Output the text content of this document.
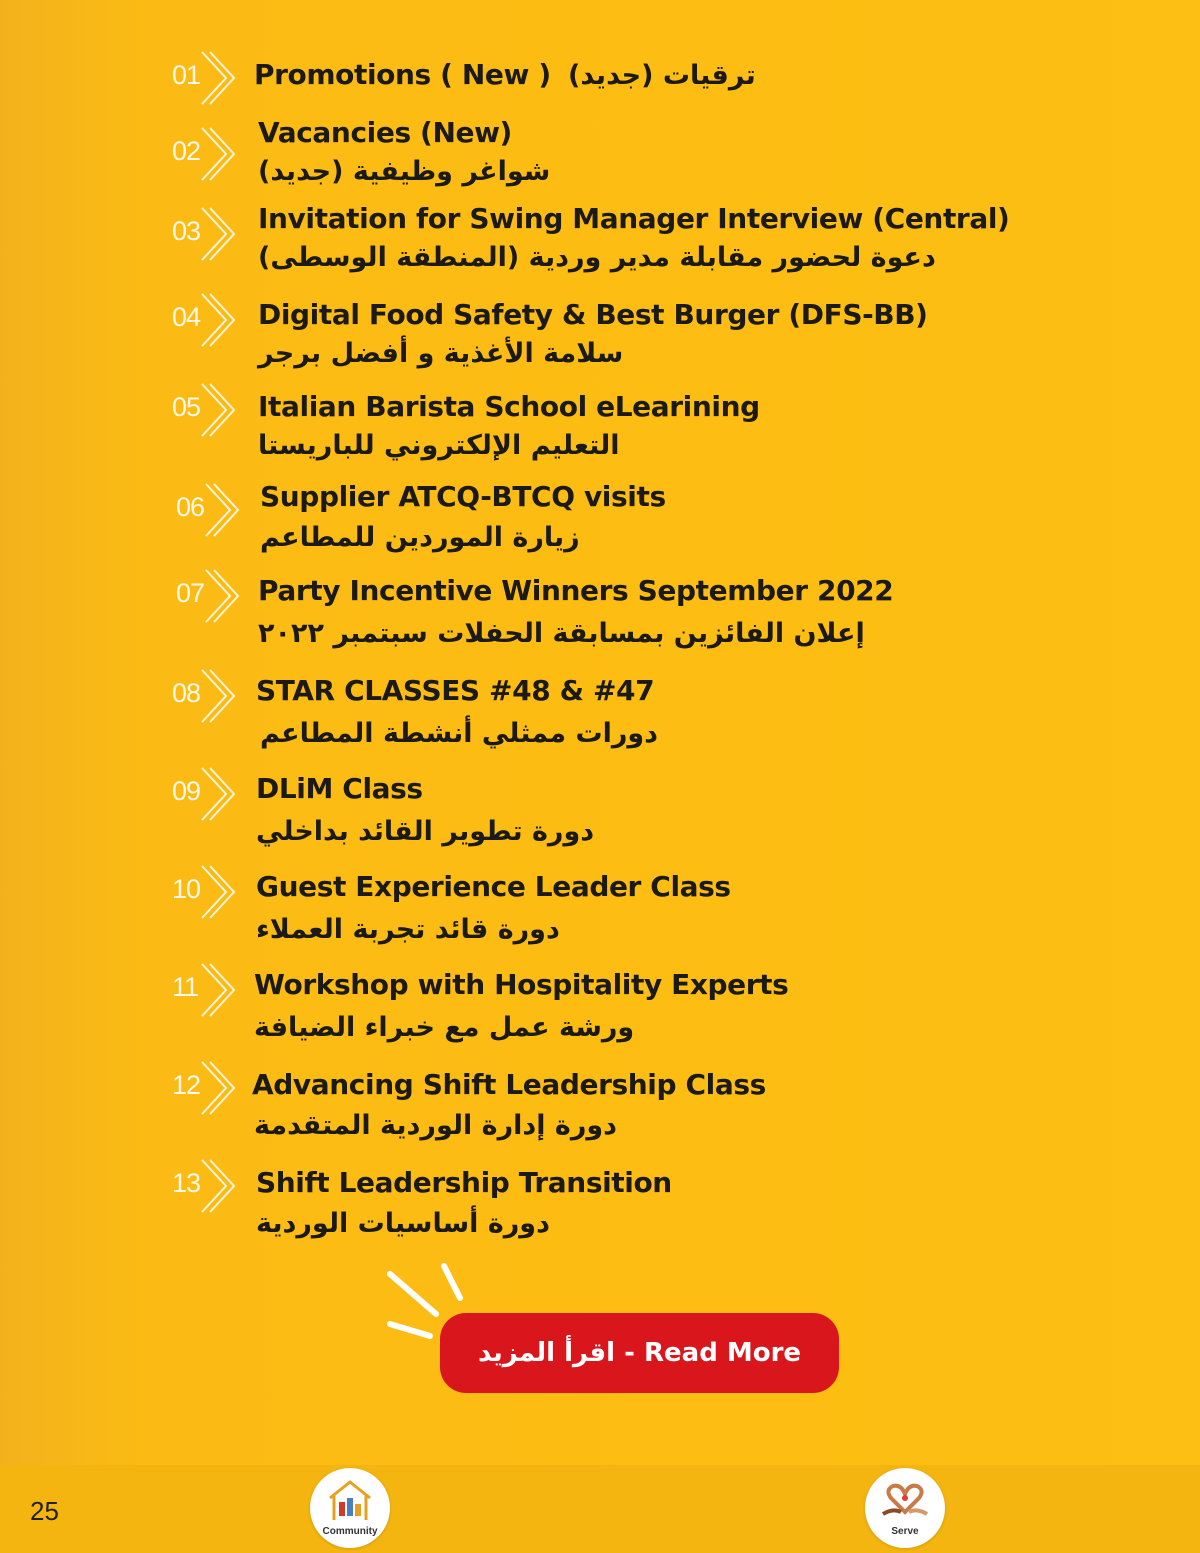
01 Promotions ( New ) ترقيات (جديد)
02
Vacancies (New)
شواغر وظيفية (جديد)
03 Invitation for Swing Manager Interview (Central)
دعوة لحضور مقابلة مدير وردية (المنطقة الوسطى)
04 Digital Food Safety & Best Burger (DFS-BB)
سلامة الأغذية و أفضل برجر
05 Italian Barista School eLearining
التعليم الإلكتروني للباريستا
06 Supplier ATCQ-BTCQ visits
زيارة الموردين للمطاعم
07 Party Incentive Winners September 2022
إعلان الفائزين بمسابقة الحفلات سبتمبر ٢٠٢٢
08 STAR CLASSES #48 & #47
دورات ممثلي أنشطة المطاعم
09 DLiM Class
دورة تطوير القائد بداخلي
10 Guest Experience Leader Class
دورة قائد تجربة العملاء
11 Workshop with Hospitality Experts
ورشة عمل مع خبراء الضيافة
12 Advancing Shift Leadership Class
دورة إدارة الوردية المتقدمة
13 Shift Leadership Transition
دورة أساسيات الوردية
اقرأ المزيد - Read More
25
Community	Serve
